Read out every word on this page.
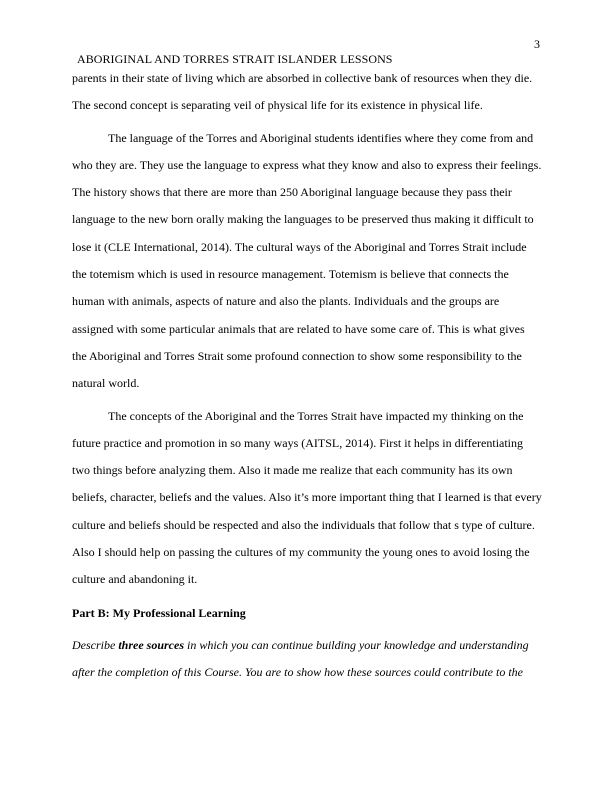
3
ABORIGINAL AND TORRES STRAIT ISLANDER LESSONS

parents in their state of living which are absorbed in collective bank of resources when they die. The second concept is separating veil of physical life for its existence in physical life.

The language of the Torres and Aboriginal students identifies where they come from and who they are. They use the language to express what they know and also to express their feelings. The history shows that there are more than 250 Aboriginal language because they pass their language to the new born orally making the languages to be preserved thus making it difficult to lose it (CLE International, 2014). The cultural ways of the Aboriginal and Torres Strait include the totemism which is used in resource management. Totemism is believe that connects the human with animals, aspects of nature and also the plants. Individuals and the groups are assigned with some particular animals that are related to have some care of. This is what gives the Aboriginal and Torres Strait some profound connection to show some responsibility to the natural world.

The concepts of the Aboriginal and the Torres Strait have impacted my thinking on the future practice and promotion in so many ways (AITSL, 2014). First it helps in differentiating two things before analyzing them. Also it made me realize that each community has its own beliefs, character, beliefs and the values. Also it’s more important thing that I learned is that every culture and beliefs should be respected and also the individuals that follow that s type of culture. Also I should help on passing the cultures of my community the young ones to avoid losing the culture and abandoning it.

Part B: My Professional Learning

Describe three sources in which you can continue building your knowledge and understanding after the completion of this Course. You are to show how these sources could contribute to the
